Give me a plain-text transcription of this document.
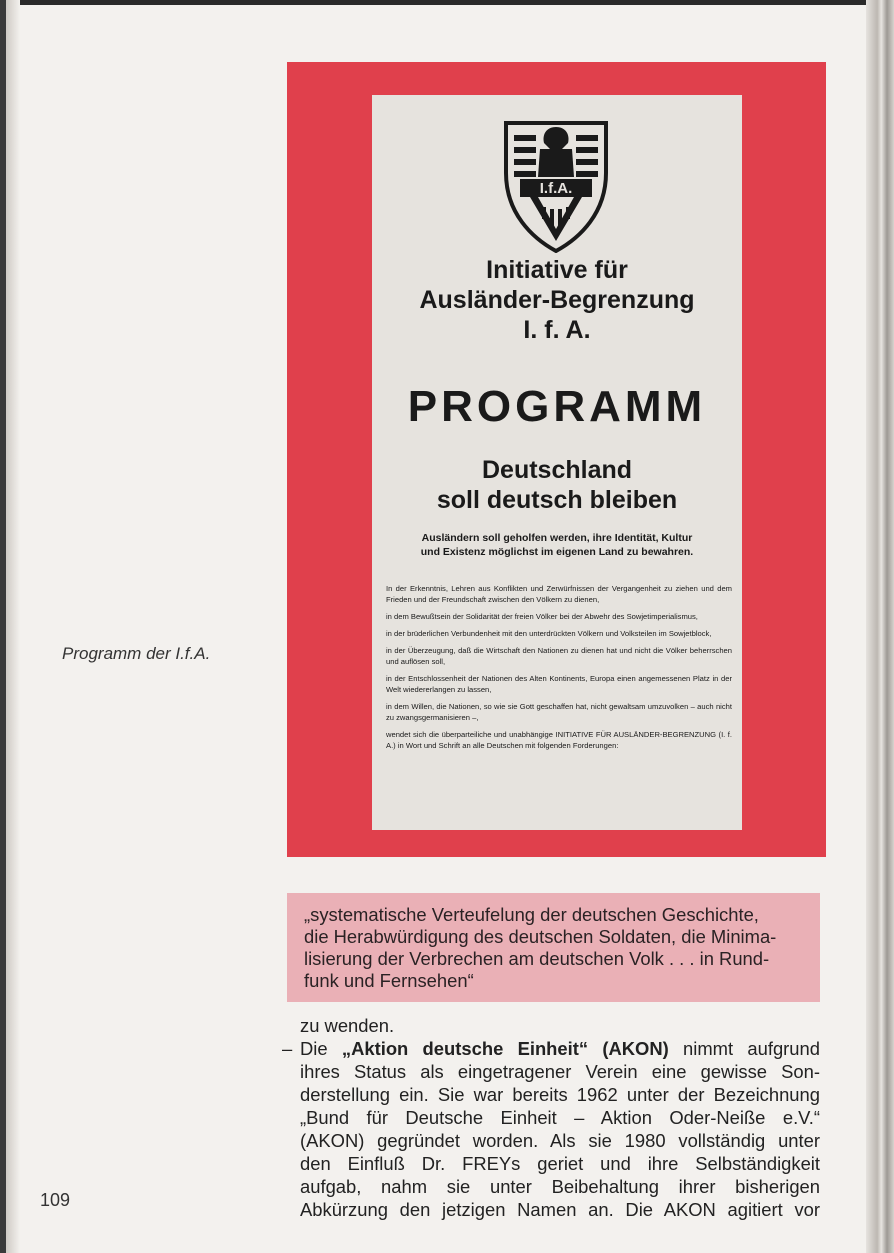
I.f.A.
Initiative für
Ausländer-Begrenzung
I. f. A.
PROGRAMM
Deutschland
soll deutsch bleiben
Ausländern soll geholfen werden, ihre Identität, Kultur
und Existenz möglichst im eigenen Land zu bewahren.

In der Erkenntnis, Lehren aus Konflikten und Zerwürfnissen der Vergangenheit zu ziehen und dem Frieden und der Freundschaft zwischen den Völkern zu dienen,

in dem Bewußtsein der Solidarität der freien Völker bei der Abwehr des Sowjetimperialismus,

in der brüderlichen Verbundenheit mit den unterdrückten Völkern und Volksteilen im Sowjetblock,

in der Überzeugung, daß die Wirtschaft den Nationen zu dienen hat und nicht die Völker beherrschen und auflösen soll,

in der Entschlossenheit der Nationen des Alten Kontinents, Europa einen angemessenen Platz in der Welt wiedererlangen zu lassen,

in dem Willen, die Nationen, so wie sie Gott geschaffen hat, nicht gewaltsam umzuvolken – auch nicht zu zwangsgermanisieren –,

wendet sich die überparteiliche und unabhängige INITIATIVE FÜR AUSLÄNDER-BEGRENZUNG (I. f. A.) in Wort und Schrift an alle Deutschen mit folgenden Forderungen:

Programm der I.f.A.
„systematische Verteufelung der deutschen Geschichte,
die Herabwürdigung des deutschen Soldaten, die Minima-
lisierung der Verbrechen am deutschen Volk . . . in Rund-
funk und Fernsehen“
zu wenden.
– Die „Aktion deutsche Einheit“ (AKON) nimmt aufgrund
ihres Status als eingetragener Verein eine gewisse Son-
derstellung ein. Sie war bereits 1962 unter der Bezeichnung
„Bund für Deutsche Einheit – Aktion Oder-Neiße e.V.“
(AKON) gegründet worden. Als sie 1980 vollständig unter
den Einfluß Dr. FREYs geriet und ihre Selbständigkeit
aufgab, nahm sie unter Beibehaltung ihrer bisherigen
Abkürzung den jetzigen Namen an. Die AKON agitiert vor
109
